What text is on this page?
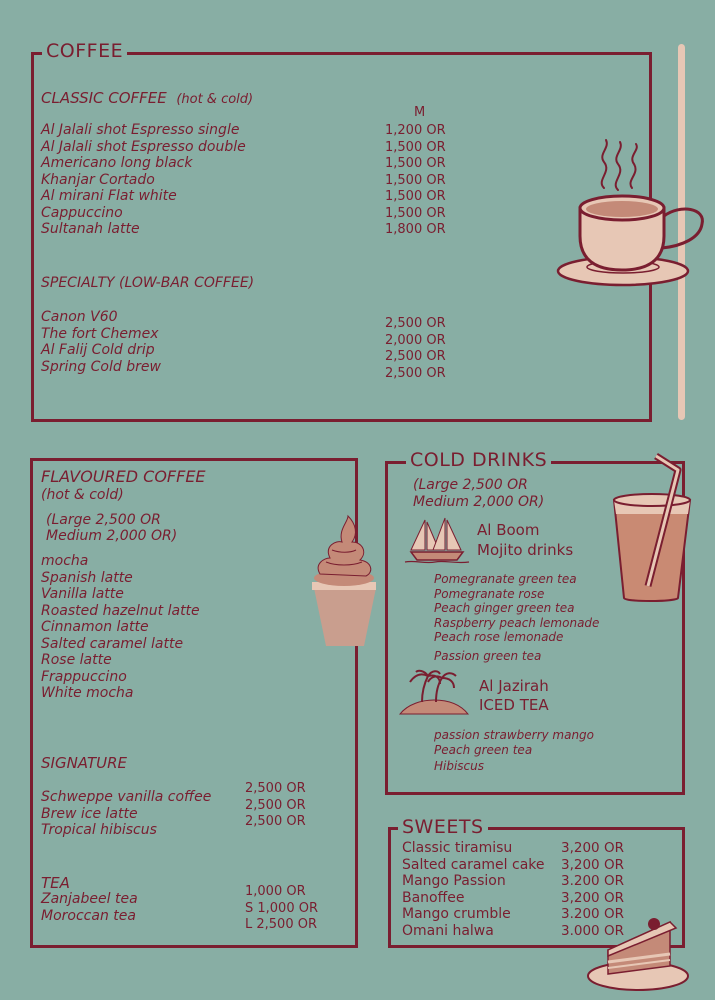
COFFEE
CLASSIC COFFEE (hot & cold)
M
Al Jalali shot Espresso single
Al Jalali shot Espresso double
Americano long black
Khanjar Cortado
Al mirani Flat white
Cappuccino
Sultanah latte
1,200 OR
1,500 OR
1,500 OR
1,500 OR
1,500 OR
1,500 OR
1,800 OR
SPECIALTY (LOW-BAR COFFEE)
Canon V60
The fort Chemex
Al Falij Cold drip
Spring Cold brew
2,500 OR
2,000 OR
2,500 OR
2,500 OR
FLAVOURED COFFEE
(hot & cold)
(Large 2,500 OR
Medium 2,000 OR)
mocha
Spanish latte
Vanilla latte
Roasted hazelnut latte
Cinnamon latte
Salted caramel latte
Rose latte
Frappuccino
White mocha
SIGNATURE
Schweppe vanilla coffee
Brew ice latte
Tropical hibiscus
2,500 OR
2,500 OR
2,500 OR
TEA
Zanjabeel tea
Moroccan tea
1,000 OR
S 1,000 OR
L 2,500 OR
COLD DRINKS
(Large 2,500 OR
Medium 2,000 OR)
Al Boom
Mojito drinks
Pomegranate green tea
Pomegranate rose
Peach ginger green tea
Raspberry peach lemonade
Peach rose lemonade
Passion green tea
Al Jazirah
ICED TEA
passion strawberry mango
Peach green tea
Hibiscus
SWEETS
Classic tiramisu
Salted caramel cake
Mango Passion
Banoffee
Mango crumble
Omani halwa
3,200 OR
3,200 OR
3.200 OR
3,200 OR
3.200 OR
3.000 OR
